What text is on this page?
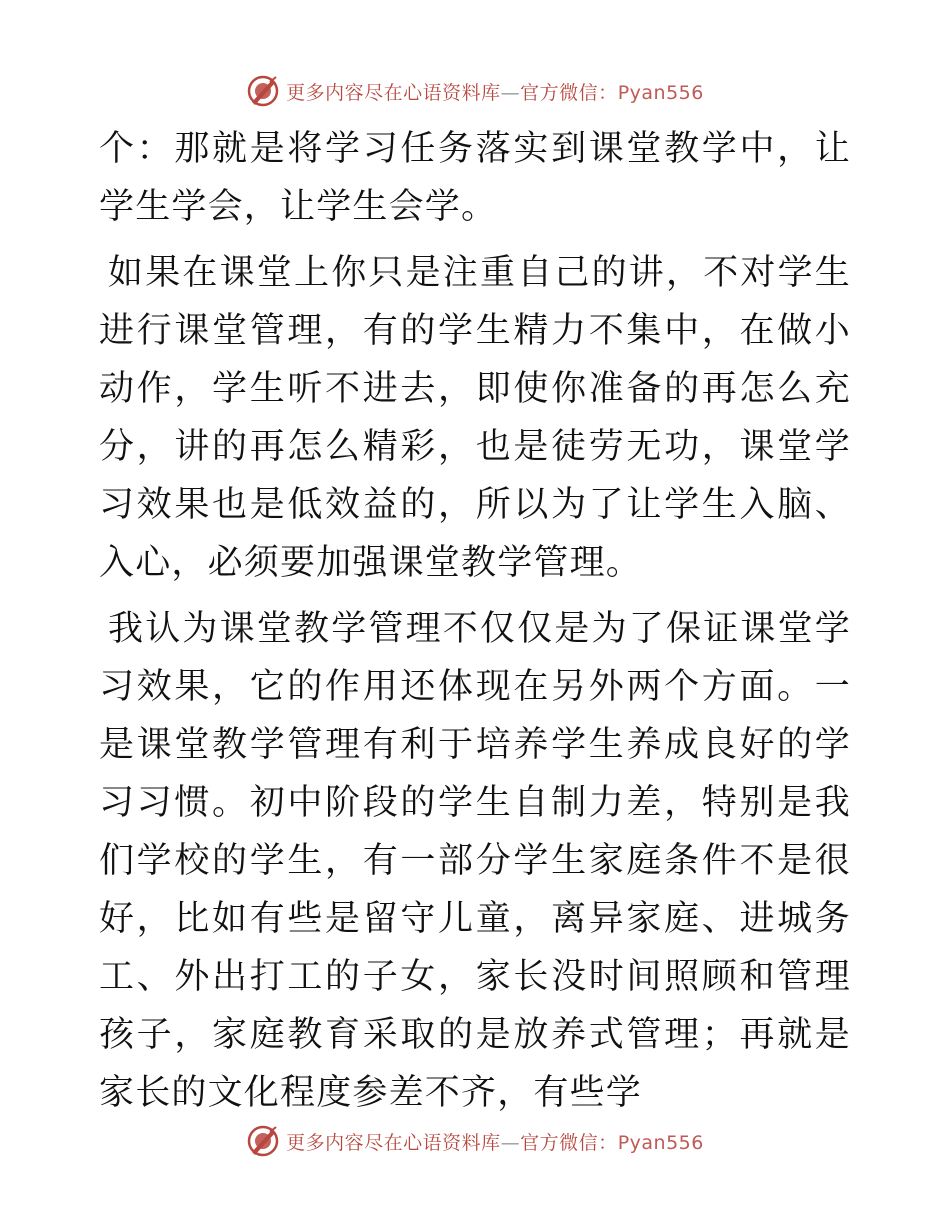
更多内容尽在心语资料库—官方微信：Pyan556

个：那就是将学习任务落实到课堂教学中，让学生学会，让学生会学。

如果在课堂上你只是注重自己的讲，不对学生进行课堂管理，有的学生精力不集中，在做小动作，学生听不进去，即使你准备的再怎么充分，讲的再怎么精彩，也是徒劳无功，课堂学习效果也是低效益的，所以为了让学生入脑、入心，必须要加强课堂教学管理。

我认为课堂教学管理不仅仅是为了保证课堂学习效果，它的作用还体现在另外两个方面。一是课堂教学管理有利于培养学生养成良好的学习习惯。初中阶段的学生自制力差，特别是我们学校的学生，有一部分学生家庭条件不是很好，比如有些是留守儿童，离异家庭、进城务工、外出打工的子女，家长没时间照顾和管理孩子，家庭教育采取的是放养式管理；再就是家长的文化程度参差不齐，有些学

更多内容尽在心语资料库—官方微信：Pyan556
